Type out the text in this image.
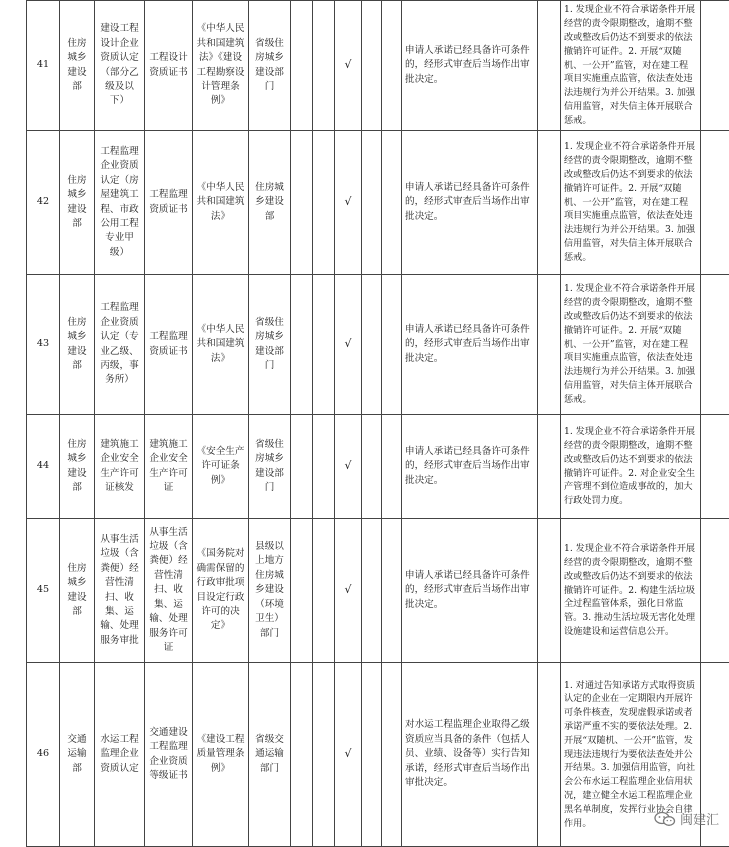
41	住房城乡建设部	建设工程设计企业资质认定（部分乙级及以下）	工程设计资质证书	《中华人民共和国建筑法》《建设工程勘察设计管理条例》	省级住房城乡建设部门			√			申请人承诺已经具备许可条件的，经形式审查后当场作出审批决定。		1. 发现企业不符合承诺条件开展经营的责令限期整改，逾期不整改或整改后仍达不到要求的依法撤销许可证件。2. 开展“双随机、一公开”监管，对在建工程项目实施重点监管，依法查处违法违规行为并公开结果。3. 加强信用监管，对失信主体开展联合惩戒。	
42	住房城乡建设部	工程监理企业资质认定（房屋建筑工程、市政公用工程专业甲级）	工程监理资质证书	《中华人民共和国建筑法》	住房城乡建设部			√			申请人承诺已经具备许可条件的，经形式审查后当场作出审批决定。		1. 发现企业不符合承诺条件开展经营的责令限期整改，逾期不整改或整改后仍达不到要求的依法撤销许可证件。2. 开展“双随机、一公开”监管，对在建工程项目实施重点监管，依法查处违法违规行为并公开结果。3. 加强信用监管，对失信主体开展联合惩戒。	
43	住房城乡建设部	工程监理企业资质认定（专业乙级、丙级，事务所）	工程监理资质证书	《中华人民共和国建筑法》	省级住房城乡建设部门			√			申请人承诺已经具备许可条件的，经形式审查后当场作出审批决定。		1. 发现企业不符合承诺条件开展经营的责令限期整改，逾期不整改或整改后仍达不到要求的依法撤销许可证件。2. 开展“双随机、一公开”监管，对在建工程项目实施重点监管，依法查处违法违规行为并公开结果。3. 加强信用监管，对失信主体开展联合惩戒。	
44	住房城乡建设部	建筑施工企业安全生产许可证核发	建筑施工企业安全生产许可证	《安全生产许可证条例》	省级住房城乡建设部门			√			申请人承诺已经具备许可条件的，经形式审查后当场作出审批决定。		1. 发现企业不符合承诺条件开展经营的责令限期整改，逾期不整改或整改后仍达不到要求的依法撤销许可证件。2. 对企业安全生产管理不到位造成事故的，加大行政处罚力度。	
45	住房城乡建设部	从事生活垃圾（含粪便）经营性清扫、收集、运输、处理服务审批	从事生活垃圾（含粪便）经营性清扫、收集、运输、处理服务许可证	《国务院对确需保留的行政审批项目设定行政许可的决定》	县级以上地方住房城乡建设（环境卫生）部门			√			申请人承诺已经具备许可条件的，经形式审查后当场作出审批决定。		1. 发现企业不符合承诺条件开展经营的责令限期整改，逾期不整改或整改后仍达不到要求的依法撤销许可证件。2. 构建生活垃圾全过程监管体系，强化日常监管。3. 推动生活垃圾无害化处理设施建设和运营信息公开。	
46	交通运输部	水运工程监理企业资质认定	交通建设工程监理企业资质等级证书	《建设工程质量管理条例》	省级交通运输部门			√			对水运工程监理企业取得乙级资质应当具备的条件（包括人员、业绩、设备等）实行告知承诺，经形式审查后当场作出审批决定。		1. 对通过告知承诺方式取得资质认定的企业在一定期限内开展许可条件核查，发现虚假承诺或者承诺严重不实的要依法处理。2. 开展“双随机、一公开”监管，发现违法违规行为要依法查处并公开结果。3. 加强信用监管，向社会公布水运工程监理企业信用状况，建立健全水运工程监理企业黑名单制度，发挥行业协会自律作用。		闽建汇
